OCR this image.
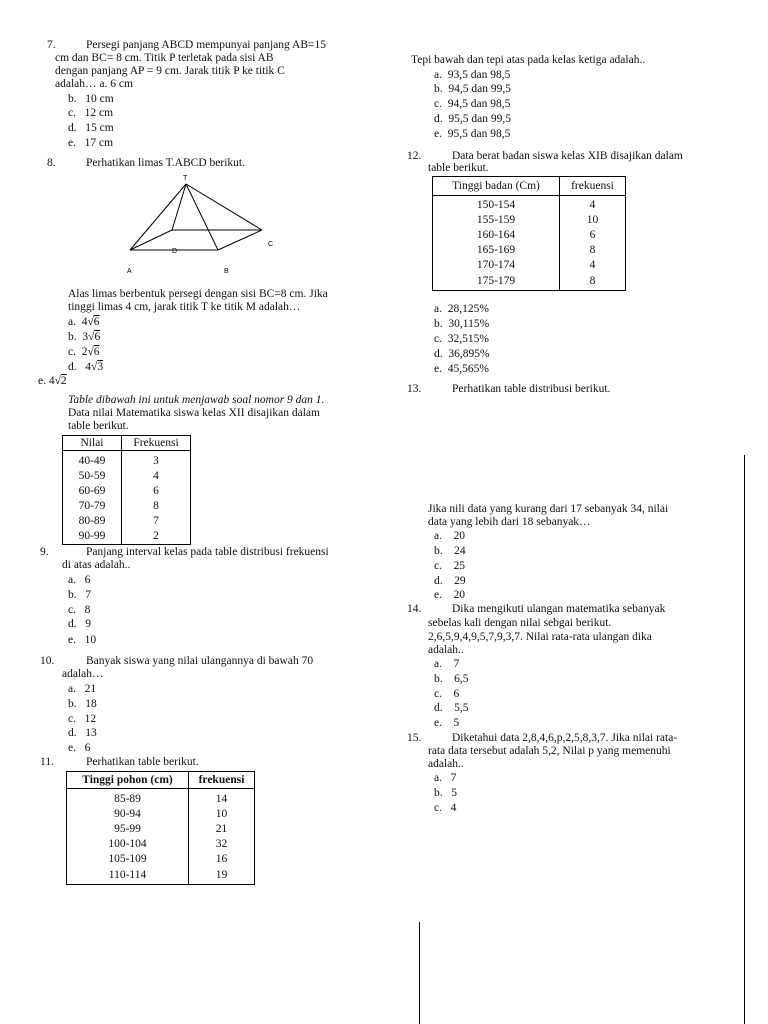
7.	Persegi panjang ABCD mempunyai panjang AB=15
cm dan BC= 8 cm. Titik P terletak pada sisi AB
dengan panjang AP = 9 cm. Jarak titik P ke titik C
adalah… a. 6 cm
b. 10 cm
c. 12 cm
d. 15 cm
e. 17 cm
8.	Perhatikan limas T.ABCD berikut.
T
A	B
C
D
Alas limas berbentuk persegi dengan sisi BC=8 cm. Jika
tinggi limas 4 cm, jarak titik T ke titik M adalah…
a. 4√6
b. 3√6
c. 2√6
d. 4√3
e. 4√2
Table dibawah ini untuk menjawab soal nomor 9 dan 1.
Data nilai Matematika siswa kelas XII disajikan dalam
table berikut.
Nilai	Frekuensi
40-49	3
50-59	4
60-69	6
70-79	8
80-89	7
90-99	2
9.	Panjang interval kelas pada table distribusi frekuensi
di atas adalah..
a. 6
b. 7
c. 8
d. 9
e. 10
10.	Banyak siswa yang nilai ulangannya di bawah 70
adalah…
a. 21
b. 18
c. 12
d. 13
e. 6
11.	Perhatikan table berikut.
Tinggi pohon (cm)	frekuensi
85-89	14
90-94	10
95-99	21
100-104	32
105-109	16
110-114	19
Tepi bawah dan tepi atas pada kelas ketiga adalah..
a. 93,5 dan 98,5
b. 94,5 dan 99,5
c. 94,5 dan 98,5
d. 95,5 dan 99,5
e. 95,5 dan 98,5
12.	Data berat badan siswa kelas XIB disajikan dalam
table berikut.
Tinggi badan (Cm)	frekuensi
150-154	4
155-159	10
160-164	6
165-169	8
170-174	4
175-179	8
a. 28,125%
b. 30,115%
c. 32,515%
d. 36,895%
e. 45,565%
13.	Perhatikan table distribusi berikut.
Jika nili data yang kurang dari 17 sebanyak 34, nilai
data yang lebih dari 18 sebanyak…
a. 20
b. 24
c. 25
d. 29
e. 20
14.	Dika mengikuti ulangan matematika sebanyak
sebelas kali dengan nilai sebgai berikut.
2,6,5,9,4,9,5,7,9,3,7. Nilai rata-rata ulangan dika
adalah..
a. 7
b. 6,5
c. 6
d. 5,5
e. 5
15.	Diketahui data 2,8,4,6,p,2,5,8,3,7. Jika nilai rata-
rata data tersebut adalah 5,2, Nilai p yang memenuhi
adalah..
a. 7
b. 5
c. 4
